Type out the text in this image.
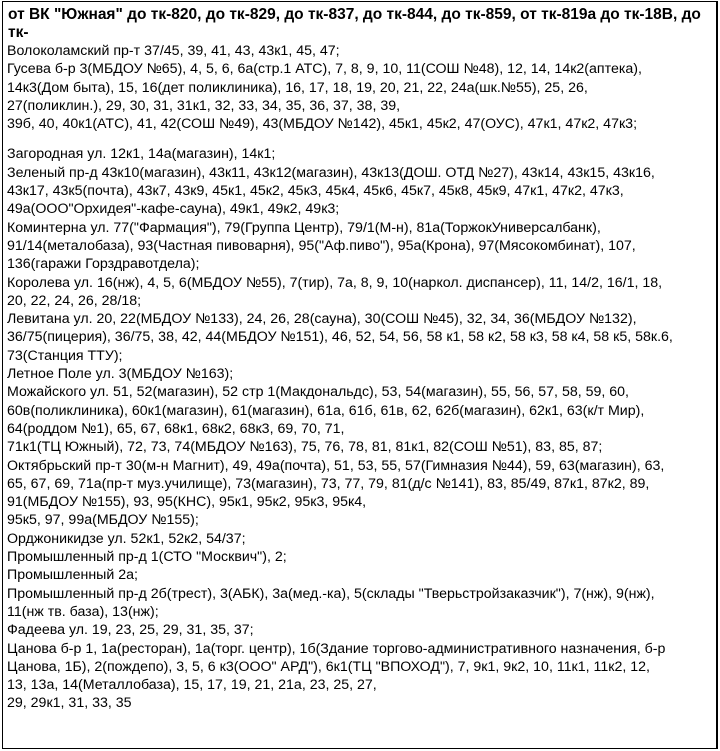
от ВК "Южная" до тк-820, до тк-829, до тк-837, до тк-844, до тк-859, от тк-819а до тк-18В, до
тк-
Волоколамский пр-т 37/45, 39, 41, 43, 43к1, 45, 47;
Гусева б-р 3(МБДОУ №65), 4, 5, 6, 6а(стр.1 АТС), 7, 8, 9, 10, 11(СОШ №48), 12, 14, 14к2(аптека),
14к3(Дом быта), 15, 16(дет поликлиника), 16, 17, 18, 19, 20, 21, 22, 24а(шк.№55), 25, 26,
27(поликлин.), 29, 30, 31, 31к1, 32, 33, 34, 35, 36, 37, 38, 39,
39б, 40, 40к1(АТС), 41, 42(СОШ №49), 43(МБДОУ №142), 45к1, 45к2, 47(ОУС), 47к1, 47к2, 47к3;
Загородная ул. 12к1, 14а(магазин), 14к1;
Зеленый пр-д 43к10(магазин), 43к11, 43к12(магазин), 43к13(ДОШ. ОТД №27), 43к14, 43к15, 43к16,
43к17, 43к5(почта), 43к7, 43к9, 45к1, 45к2, 45к3, 45к4, 45к6, 45к7, 45к8, 45к9, 47к1, 47к2, 47к3,
49а(ООО"Орхидея"-кафе-сауна), 49к1, 49к2, 49к3;
Коминтерна ул. 77("Фармация"), 79(Группа Центр), 79/1(М-н), 81а(ТоржокУниверсалбанк),
91/14(металобаза), 93(Частная пивоварня), 95("Аф.пиво"), 95а(Крона), 97(Мясокомбинат), 107,
136(гаражи Горздравотдела);
Королева ул. 16(нж), 4, 5, 6(МБДОУ №55), 7(тир), 7а, 8, 9, 10(наркол. диспансер), 11, 14/2, 16/1, 18,
20, 22, 24, 26, 28/18;
Левитана ул. 20, 22(МБДОУ №133), 24, 26, 28(сауна), 30(СОШ №45), 32, 34, 36(МБДОУ №132),
36/75(пицерия), 36/75, 38, 42, 44(МБДОУ №151), 46, 52, 54, 56, 58 к1, 58 к2, 58 к3, 58 к4, 58 к5, 58к.6,
73(Станция ТТУ);
Летное Поле ул. 3(МБДОУ №163);
Можайского ул. 51, 52(магазин), 52 стр 1(Макдональдс), 53, 54(магазин), 55, 56, 57, 58, 59, 60,
60в(поликлиника), 60к1(магазин), 61(магазин), 61а, 61б, 61в, 62, 62б(магазин), 62к1, 63(к/т Мир),
64(роддом №1), 65, 67, 68к1, 68к2, 68к3, 69, 70, 71,
71к1(ТЦ Южный), 72, 73, 74(МБДОУ №163), 75, 76, 78, 81, 81к1, 82(СОШ №51), 83, 85, 87;
Октябрьский пр-т 30(м-н Магнит), 49, 49а(почта), 51, 53, 55, 57(Гимназия №44), 59, 63(магазин), 63,
65, 67, 69, 71а(пр-т муз.училище), 73(магазин), 73, 77, 79, 81(д/с №141), 83, 85/49, 87к1, 87к2, 89,
91(МБДОУ №155), 93, 95(КНС), 95к1, 95к2, 95к3, 95к4,
95к5, 97, 99а(МБДОУ №155);
Орджоникидзе ул. 52к1, 52к2, 54/37;
Промышленный пр-д 1(СТО "Москвич"), 2;
Промышленный 2а;
Промышленный пр-д 2б(трест), 3(АБК), 3а(мед.-ка), 5(склады "Тверьстройзаказчик"), 7(нж), 9(нж),
11(нж тв. база), 13(нж);
Фадеева ул. 19, 23, 25, 29, 31, 35, 37;
Цанова б-р 1, 1а(ресторан), 1а(торг. центр), 1б(Здание торгово-административного назначения, б-р
Цанова, 1Б), 2(пождепо), 3, 5, 6 к3(ООО" АРД"), 6к1(ТЦ "ВПОХОД"), 7, 9к1, 9к2, 10, 11к1, 11к2, 12,
13, 13а, 14(Металлобаза), 15, 17, 19, 21, 21а, 23, 25, 27,
29, 29к1, 31, 33, 35
